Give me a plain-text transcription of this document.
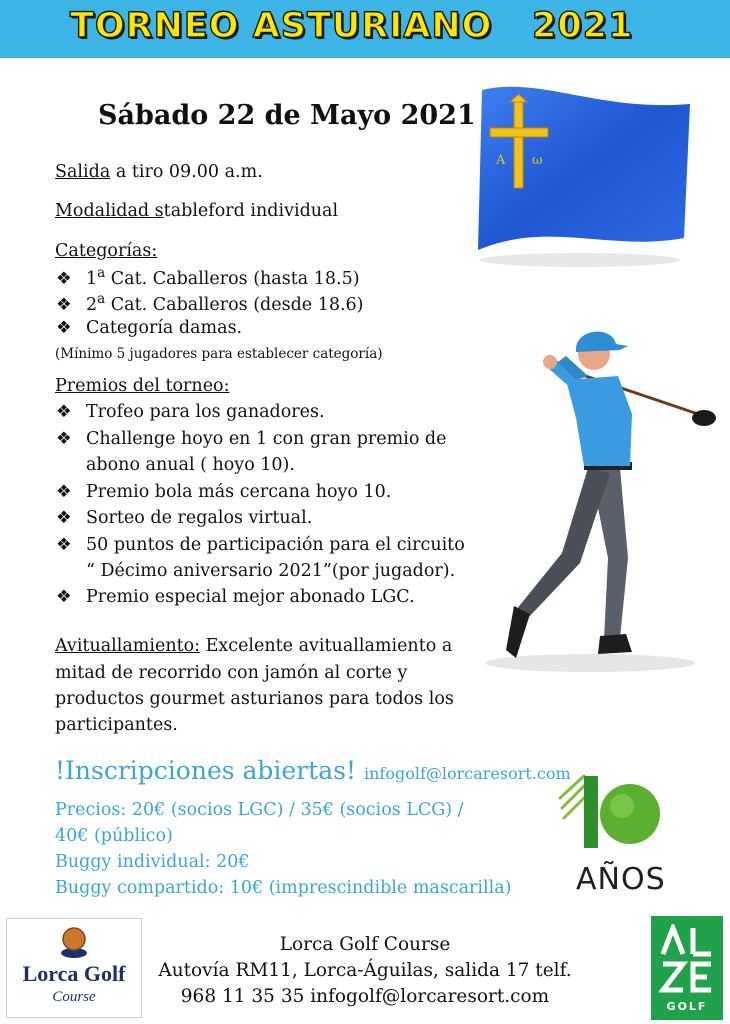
TORNEO ASTURIANO   2021
A ω
Sábado 22 de Mayo 2021
Salida a tiro 09.00 a.m.
Modalidad stableford individual
Categorías:
❖ 1$^a$ Cat. Caballeros (hasta 18.5)
❖ 2$^a$ Cat. Caballeros (desde 18.6)
❖ Categoría damas.
(Mínimo 5 jugadores para establecer categoría)
Premios del torneo:
❖ Trofeo para los ganadores.
❖ Challenge hoyo en 1 con gran premio de
abono anual ( hoyo 10).
❖ Premio bola más cercana hoyo 10.
❖ Sorteo de regalos virtual.
❖ 50 puntos de participación para el circuito
“ Décimo aniversario 2021”(por jugador).
❖ Premio especial mejor abonado LGC.
Avituallamiento: Excelente avituallamiento a
mitad de recorrido con jamón al corte y
productos gourmet asturianos para todos los
participantes.
!Inscripciones abiertas! infogolf@lorcaresort.com
Precios: 20€ (socios LGC) / 35€ (socios LCG) /
40€ (público)
Buggy individual: 20€
Buggy compartido: 10€ (imprescindible mascarilla) AÑOS
Lorca Golf
Course
Lorca Golf Course
Autovía RM11, Lorca-Águilas, salida 17 telf.
968 11 35 35 infogolf@lorcaresort.com	GOLF
